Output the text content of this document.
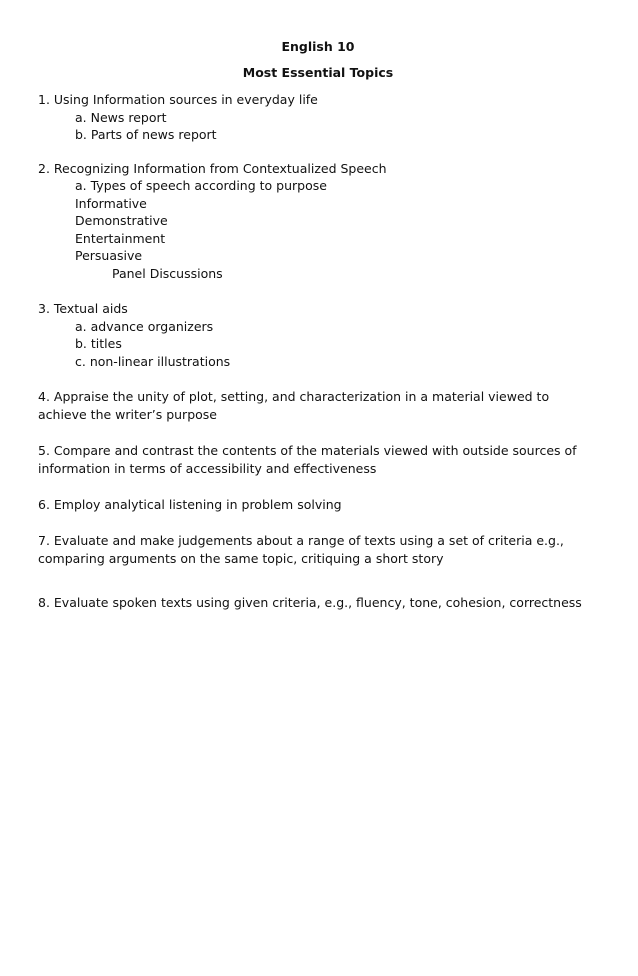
English 10

Most Essential Topics

1. Using Information sources in everyday life

a. News report

b. Parts of news report

2. Recognizing Information from Contextualized Speech

a. Types of speech according to purpose

Informative

Demonstrative

Entertainment

Persuasive

Panel Discussions

3. Textual aids

a. advance organizers

b. titles

c. non-linear illustrations

4. Appraise the unity of plot, setting, and characterization in a material viewed to achieve the writer’s purpose

5. Compare and contrast the contents of the materials viewed with outside sources of information in terms of accessibility and effectiveness

6. Employ analytical listening in problem solving

7. Evaluate and make judgements about a range of texts using a set of criteria e.g., comparing arguments on the same topic, critiquing a short story

8. Evaluate spoken texts using given criteria, e.g., fluency, tone, cohesion, correctness
